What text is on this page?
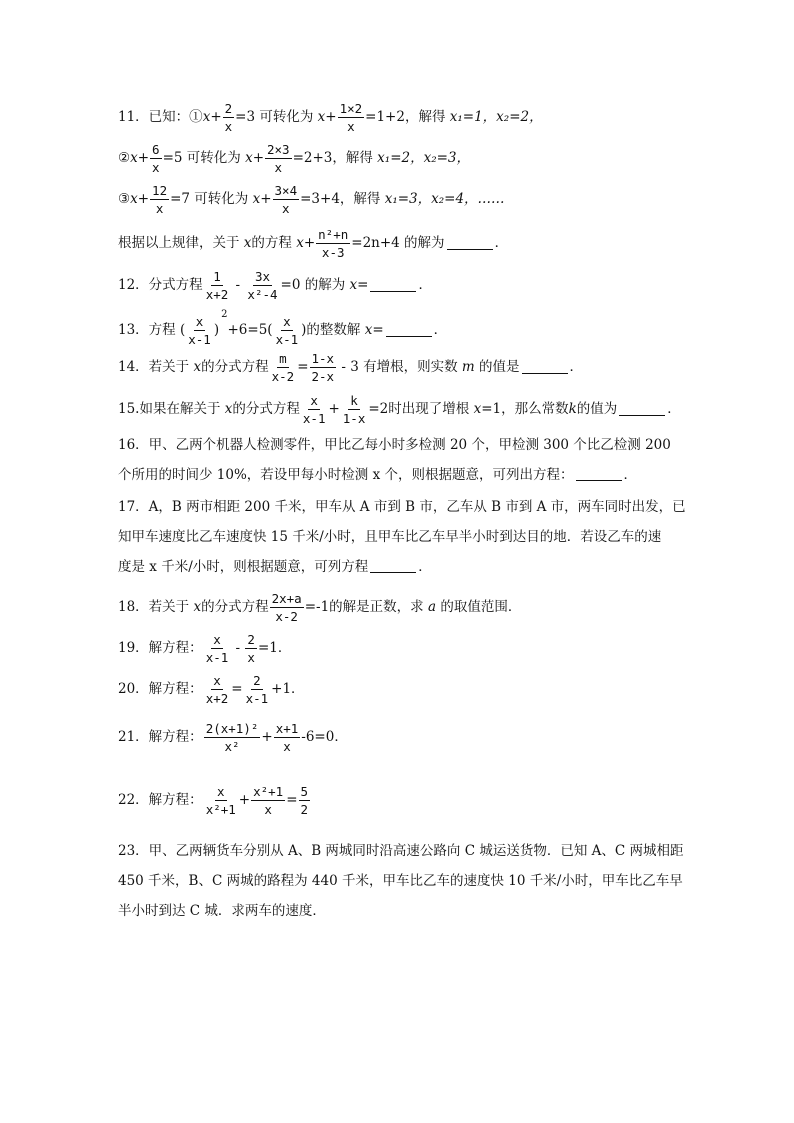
11．已知：① $x + \frac{2}{x} =3$ 可转化为 $x + \frac{1\times 2}{x} =1+2$，解得 x₁=1，x₂=2，
② $x + \frac{6}{x} =5$ 可转化为 $x + \frac{2\times 3}{x} =2+3$，解得 x₁=2，x₂=3，
③ $x + \frac{12}{x} =7$ 可转化为 $x + \frac{3\times 4}{x} =3+4$，解得 x₁=3，x₂=4，……
根据以上规律，关于 x 的方程 $x + \frac{\text{n²+n}}{x-3} =2n+4$ 的解为	．
12．分式方程 $\frac{1}{x+2} - \frac{3x}{\text{x²-4}} =0$ 的解为 x =	．
13．方程 ( $\frac{x}{x-1}$ )
2
$+6=5( \frac{x}{x-1}$ )的整数解 x =	．
14．若关于 x 的分式方程 $\frac{m}{x-2} = \frac{1-x}{2-x} - 3$ 有增根，则实数 m 的值是	．
15.如果在解关于 x 的分式方程 $\frac{x}{x-1} + \frac{k}{1-x} =2$时出现了增根 x =1，那么常数 k 的值为	．
16．甲、乙两个机器人检测零件，甲比乙每小时多检测 20 个，甲检测 300 个比乙检测 200
个所用的时间少 10%，若设甲每小时检测 x 个，则根据题意，可列出方程：	．
17．A，B 两市相距 200 千米，甲车从 A 市到 B 市，乙车从 B 市到 A 市，两车同时出发，已
知甲车速度比乙车速度快 15 千米/小时，且甲车比乙车早半小时到达目的地．若设乙车的速
度是 x 千米/小时，则根据题意，可列方程	．
18．若关于 x 的分式方程 $\frac{2x+a}{x-2} =-1$的解是正数，求 a 的取值范围．
19．解方程： $\frac{x}{x-1} - \frac{2}{x} =1$．
20．解方程： $\frac{x}{x+2} = \frac{2}{x-1} +1$．
21．解方程： $\frac{\text{2(x+1)²}}{\text{x²}} + \frac{x+1}{x} -6=0$．
22．解方程： $\frac{x}{\text{x²+1}} + \frac{\text{x²+1}}{x} = \frac{5}{2}$
23．甲、乙两辆货车分别从 A、B 两城同时沿高速公路向 C 城运送货物．已知 A、C 两城相距
450 千米，B、C 两城的路程为 440 千米，甲车比乙车的速度快 10 千米/小时，甲车比乙车早
半小时到达 C 城．求两车的速度．
